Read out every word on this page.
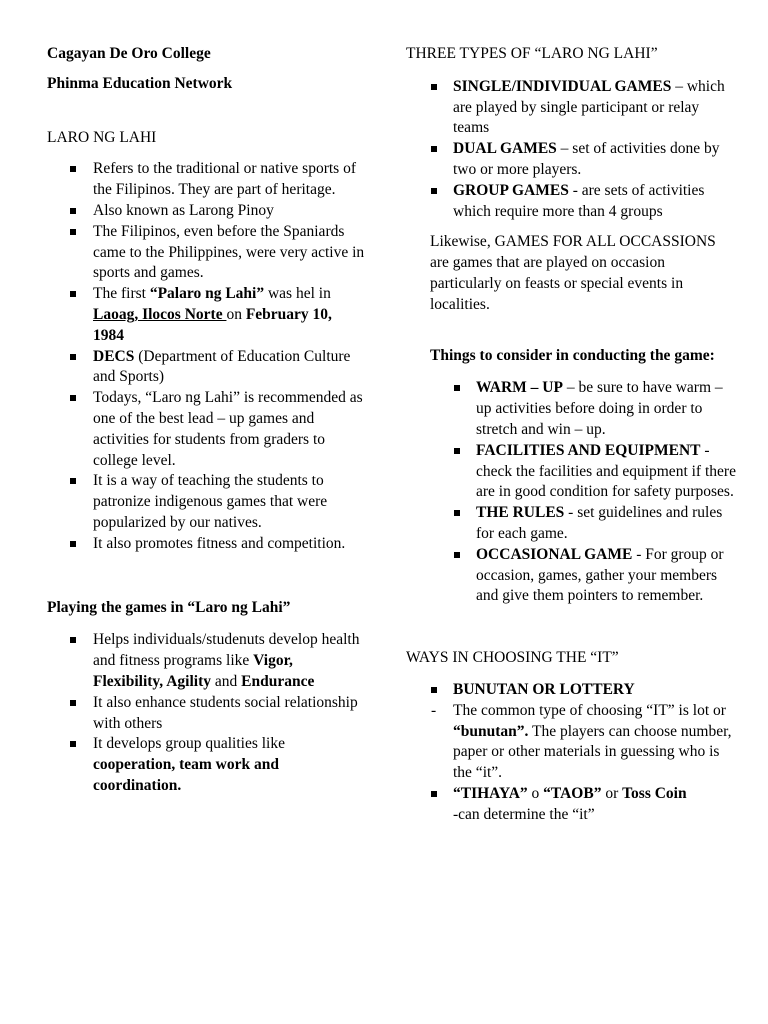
Cagayan De Oro College

Phinma Education Network

LARO NG LAHI

Refers to the traditional or native sports of the Filipinos. They are part of heritage.
Also known as Larong Pinoy
The Filipinos, even before the Spaniards came to the Philippines, were very active in sports and games.
The first “Palaro ng Lahi” was hel in Laoag, Ilocos Norte on February 10, 1984
DECS (Department of Education Culture and Sports)
Todays, “Laro ng Lahi” is recommended as one of the best lead – up games and activities for students from graders to college level.
It is a way of teaching the students to patronize indigenous games that were popularized by our natives.
It also promotes fitness and competition.

Playing the games in “Laro ng Lahi”

Helps individuals/studenuts develop health and fitness programs like Vigor, Flexibility, Agility and Endurance
It also enhance students social relationship with others
It develops group qualities like cooperation, team work and coordination.

THREE TYPES OF “LARO NG LAHI”

SINGLE/INDIVIDUAL GAMES – which are played by single participant or relay teams
DUAL GAMES – set of activities done by two or more players.
GROUP GAMES - are sets of activities which require more than 4 groups

Likewise, GAMES FOR ALL OCCASSIONS are games that are played on occasion particularly on feasts or special events in localities.

Things to consider in conducting the game:

WARM – UP – be sure to have warm – up activities before doing in order to stretch and win – up.
FACILITIES AND EQUIPMENT - check the facilities and equipment if there are in good condition for safety purposes.
THE RULES - set guidelines and rules for each game.
OCCASIONAL GAME - For group or occasion, games, gather your members and give them pointers to remember.

WAYS IN CHOOSING THE “IT”

BUNUTAN OR LOTTERY
- The common type of choosing “IT” is lot or “bunutan”. The players can choose number, paper or other materials in guessing who is the “it”.
“TIHAYA” o “TAOB” or Toss Coin
-can determine the “it”
